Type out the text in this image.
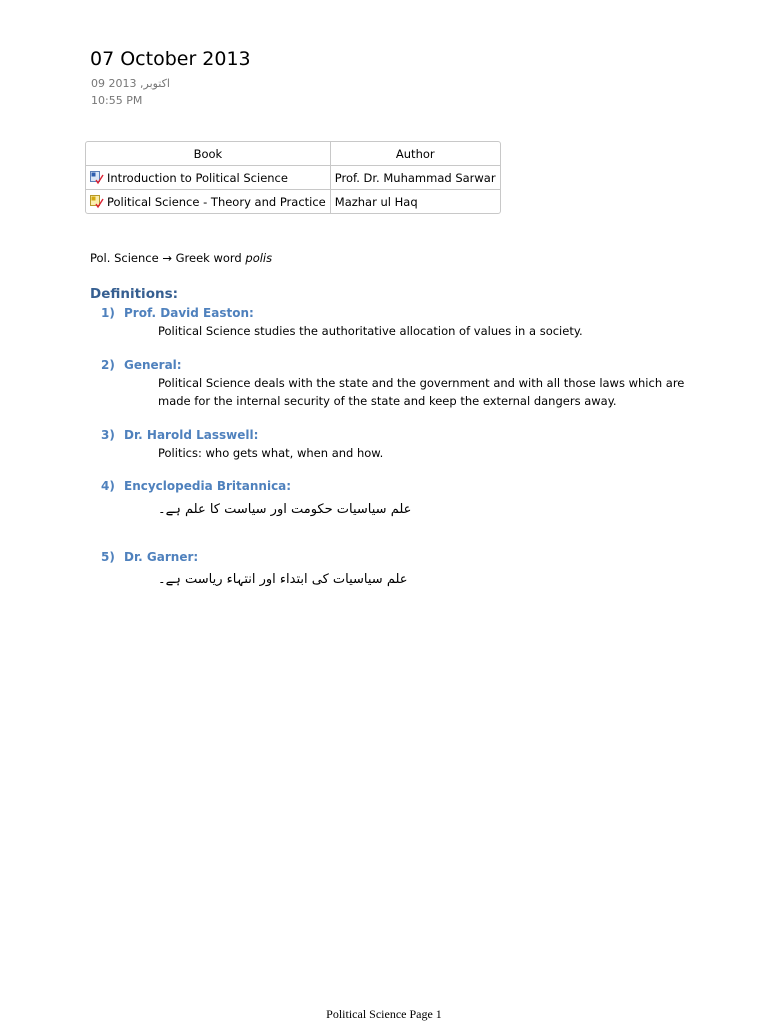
07 October 2013
09 اکتوبر, 2013
10:55 PM
Book	Author

Introduction to Political Science	Prof. Dr. Muhammad Sarwar

Political Science - Theory and Practice	Mazhar ul Haq
Pol. Science → Greek word polis
Definitions:
1) Prof. David Easton:
Political Science studies the authoritative allocation of values in a society.
2) General:
Political Science deals with the state and the government and with all those laws which are
made for the internal security of the state and keep the external dangers away.
3) Dr. Harold Lasswell:
Politics: who gets what, when and how.
4) Encyclopedia Britannica:
علم سیاسیات حکومت اور سیاست کا علم ہے۔
5) Dr. Garner:
علم سیاسیات کی ابتداء اور انتہاء ریاست ہے۔
Political Science Page 1
